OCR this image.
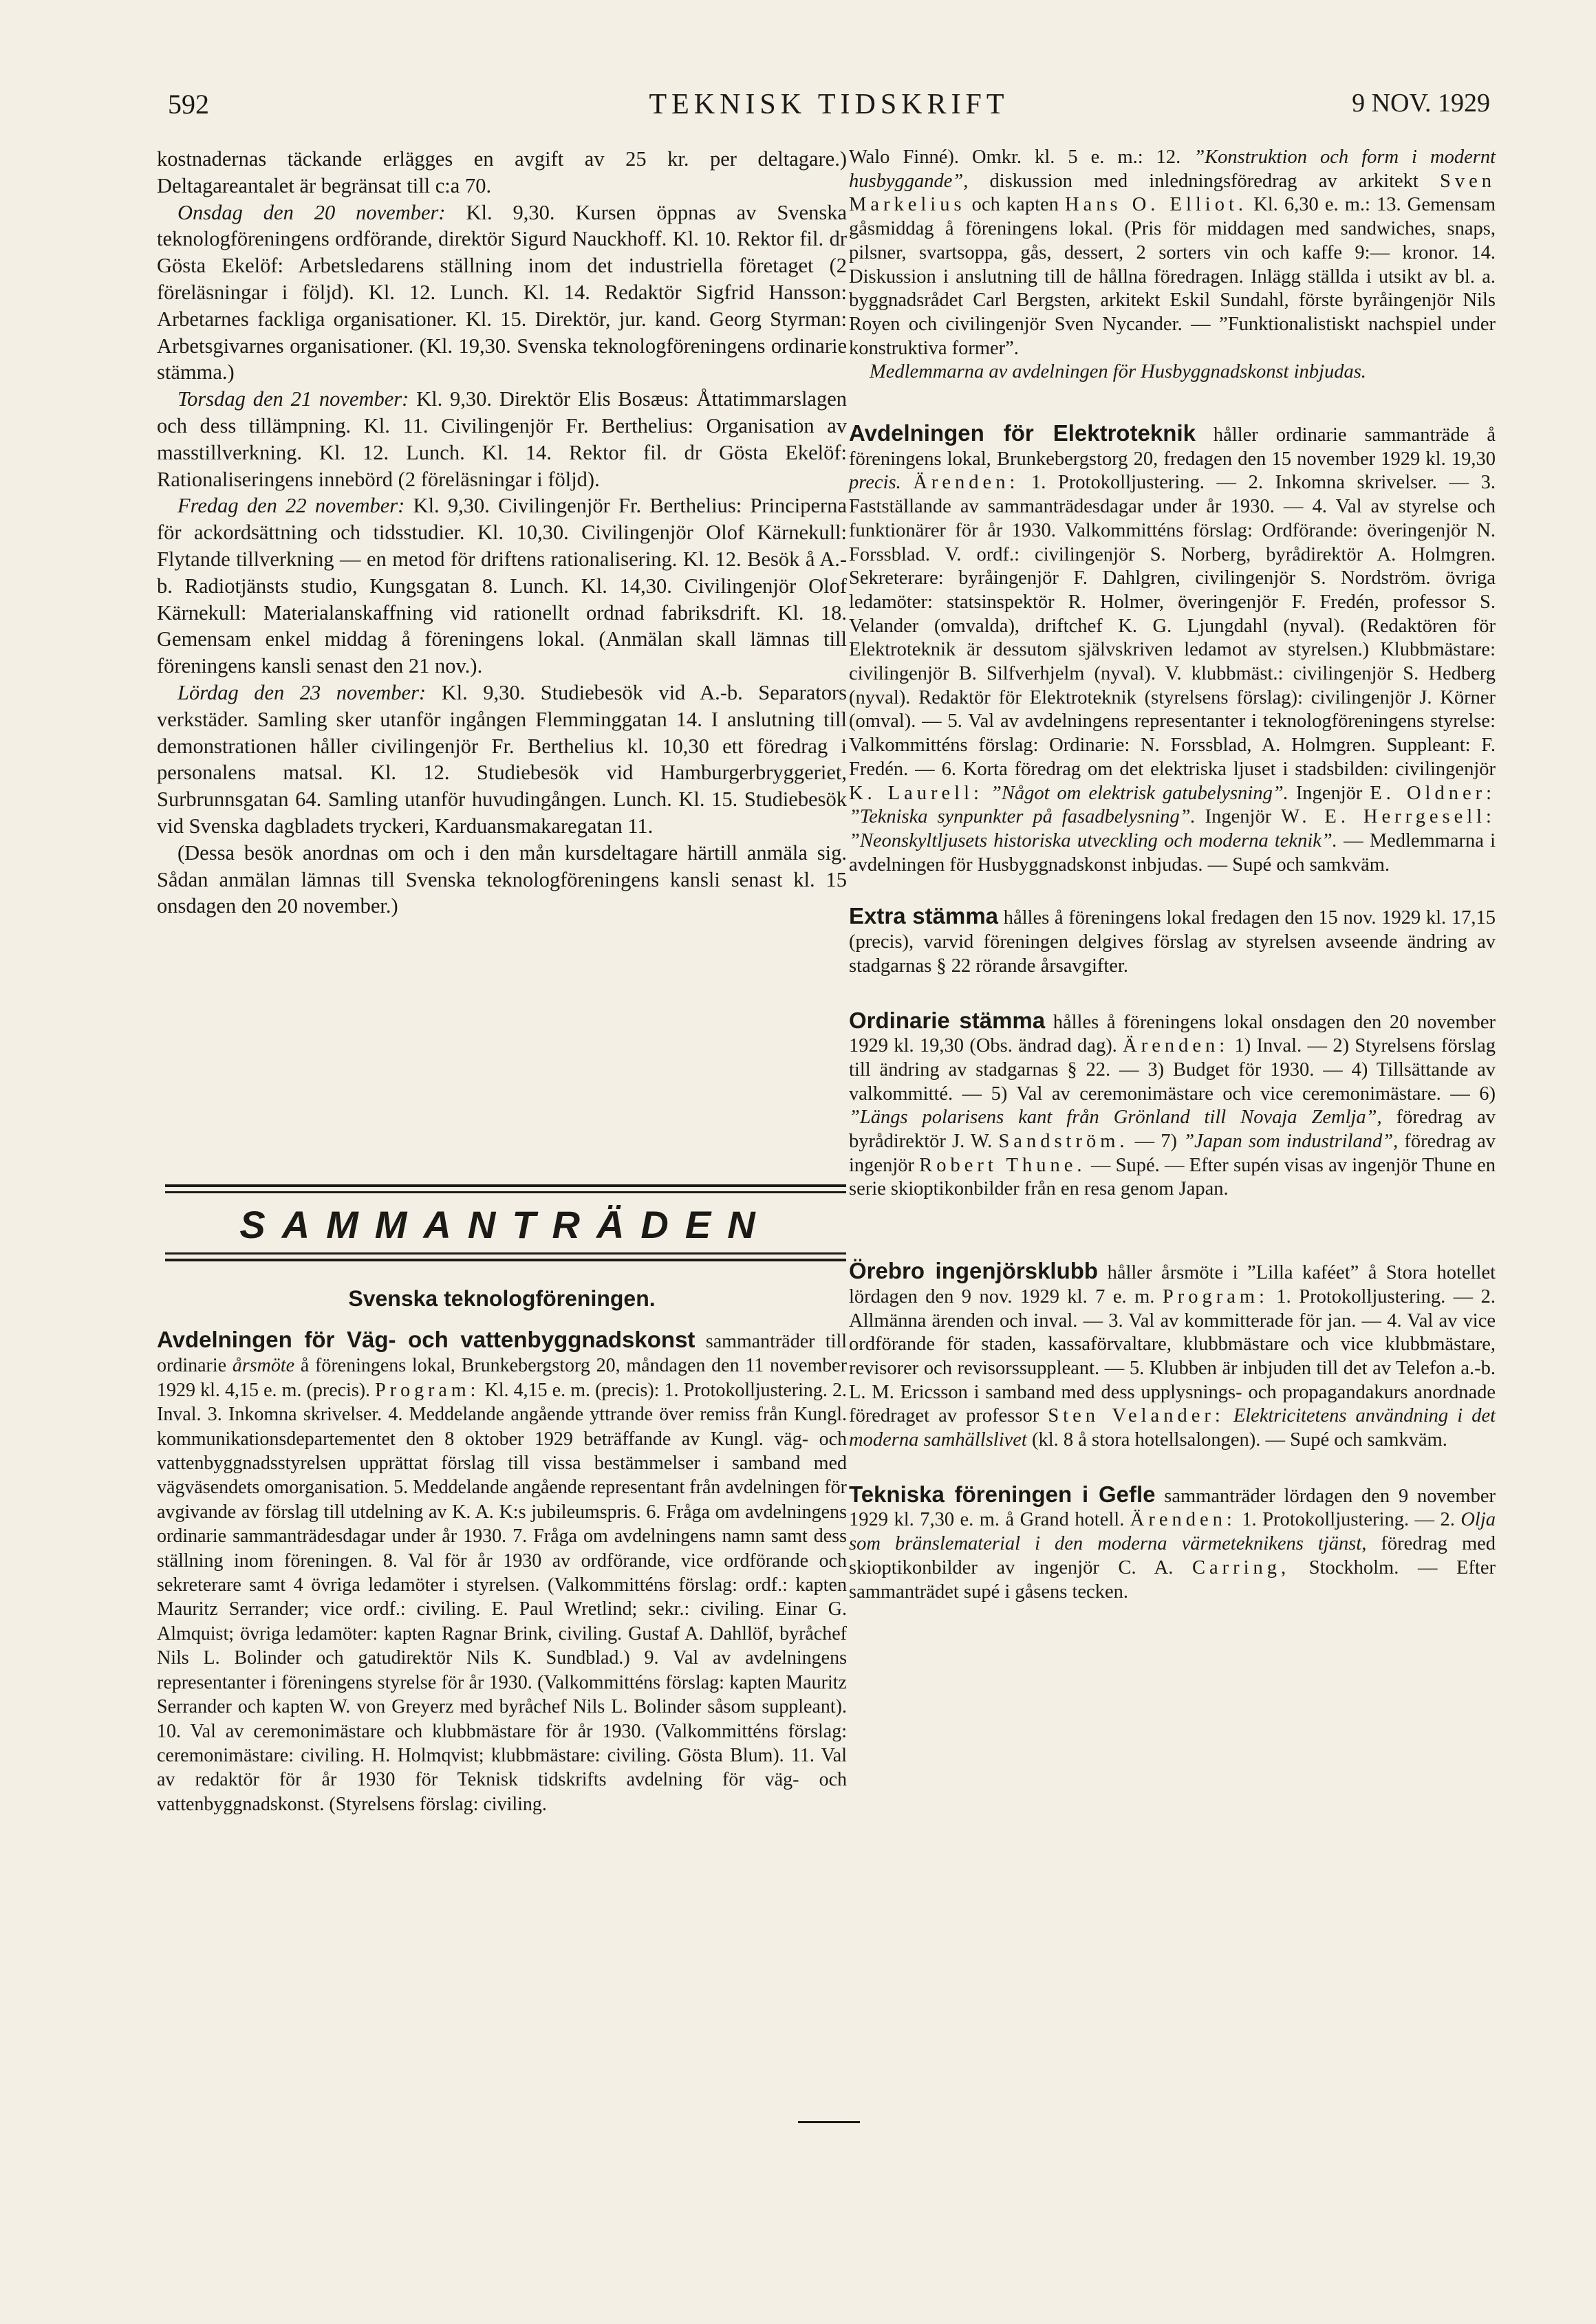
592	TEKNISK TIDSKRIFT	9 NOV. 1929

kostnadernas täckande erlägges en avgift av 25 kr. per deltagare.) Deltagareantalet är begränsat till c:a 70.

Onsdag den 20 november: Kl. 9,30. Kursen öppnas av Svenska teknologföreningens ordförande, direktör Sigurd Nauckhoff. Kl. 10. Rektor fil. dr Gösta Ekelöf: Arbetsledarens ställning inom det industriella företaget (2 föreläsningar i följd). Kl. 12. Lunch. Kl. 14. Redaktör Sigfrid Hansson: Arbetarnes fackliga organisationer. Kl. 15. Direktör, jur. kand. Georg Styrman: Arbetsgivarnes organisationer. (Kl. 19,30. Svenska teknologföreningens ordinarie stämma.)

Torsdag den 21 november: Kl. 9,30. Direktör Elis Bosæus: Åttatimmarslagen och dess tillämpning. Kl. 11. Civilingenjör Fr. Berthelius: Organisation av masstillverkning. Kl. 12. Lunch. Kl. 14. Rektor fil. dr Gösta Ekelöf: Rationaliseringens innebörd (2 föreläsningar i följd).

Fredag den 22 november: Kl. 9,30. Civilingenjör Fr. Berthelius: Principerna för ackordsättning och tidsstudier. Kl. 10,30. Civilingenjör Olof Kärnekull: Flytande tillverkning — en metod för driftens rationalisering. Kl. 12. Besök å A.-b. Radiotjänsts studio, Kungsgatan 8. Lunch. Kl. 14,30. Civilingenjör Olof Kärnekull: Materialanskaffning vid rationellt ordnad fabriksdrift. Kl. 18. Gemensam enkel middag å föreningens lokal. (Anmälan skall lämnas till föreningens kansli senast den 21 nov.).

Lördag den 23 november: Kl. 9,30. Studiebesök vid A.-b. Separators verkstäder. Samling sker utanför ingången Flemminggatan 14. I anslutning till demonstrationen håller civilingenjör Fr. Berthelius kl. 10,30 ett föredrag i personalens matsal. Kl. 12. Studiebesök vid Hamburgerbryggeriet, Surbrunnsgatan 64. Samling utanför huvudingången. Lunch. Kl. 15. Studiebesök vid Svenska dagbladets tryckeri, Karduansmakaregatan 11.

(Dessa besök anordnas om och i den mån kursdeltagare härtill anmäla sig. Sådan anmälan lämnas till Svenska teknologföreningens kansli senast kl. 15 onsdagen den 20 november.)

SAMMANTRÄDEN
Svenska teknologföreningen.

Avdelningen för Väg- och vattenbyggnadskonst sammanträder till ordinarie årsmöte å föreningens lokal, Brunkebergstorg 20, måndagen den 11 november 1929 kl. 4,15 e. m. (precis). Program: Kl. 4,15 e. m. (precis): 1. Protokolljustering. 2. Inval. 3. Inkomna skrivelser. 4. Meddelande angående yttrande över remiss från Kungl. kommunikationsdepartementet den 8 oktober 1929 beträffande av Kungl. väg- och vattenbyggnadsstyrelsen upprättat förslag till vissa bestämmelser i samband med vägväsendets omorganisation. 5. Meddelande angående representant från avdelningen för avgivande av förslag till utdelning av K. A. K:s jubileumspris. 6. Fråga om avdelningens ordinarie sammanträdesdagar under år 1930. 7. Fråga om avdelningens namn samt dess ställning inom föreningen. 8. Val för år 1930 av ordförande, vice ordförande och sekreterare samt 4 övriga ledamöter i styrelsen. (Valkommitténs förslag: ordf.: kapten Mauritz Serrander; vice ordf.: civiling. E. Paul Wretlind; sekr.: civiling. Einar G. Almquist; övriga ledamöter: kapten Ragnar Brink, civiling. Gustaf A. Dahllöf, byråchef Nils L. Bolinder och gatudirektör Nils K. Sundblad.) 9. Val av avdelningens representanter i föreningens styrelse för år 1930. (Valkommitténs förslag: kapten Mauritz Serrander och kapten W. von Greyerz med byråchef Nils L. Bolinder såsom suppleant). 10. Val av ceremonimästare och klubbmästare för år 1930. (Valkommitténs förslag: ceremonimästare: civiling. H. Holmqvist; klubbmästare: civiling. Gösta Blum). 11. Val av redaktör för år 1930 för Teknisk tidskrifts avdelning för väg- och vattenbyggnadskonst. (Styrelsens förslag: civiling.

Walo Finné). Omkr. kl. 5 e. m.: 12. ”Konstruktion och form i modernt husbyggande”, diskussion med inledningsföredrag av arkitekt Sven Markelius och kapten Hans O. Elliot. Kl. 6,30 e. m.: 13. Gemensam gåsmiddag å föreningens lokal. (Pris för middagen med sandwiches, snaps, pilsner, svartsoppa, gås, dessert, 2 sorters vin och kaffe 9:— kronor. 14. Diskussion i anslutning till de hållna föredragen. Inlägg ställda i utsikt av bl. a. byggnadsrådet Carl Bergsten, arkitekt Eskil Sundahl, förste byråingenjör Nils Royen och civilingenjör Sven Nycander. — ”Funktionalistiskt nachspiel under konstruktiva former”.

Medlemmarna av avdelningen för Husbyggnadskonst inbjudas.

Avdelningen för Elektroteknik håller ordinarie sammanträde å föreningens lokal, Brunkebergstorg 20, fredagen den 15 november 1929 kl. 19,30 precis. Ärenden: 1. Protokolljustering. — 2. Inkomna skrivelser. — 3. Fastställande av sammanträdesdagar under år 1930. — 4. Val av styrelse och funktionärer för år 1930. Valkommitténs förslag: Ordförande: överingenjör N. Forssblad. V. ordf.: civilingenjör S. Norberg, byrådirektör A. Holmgren. Sekreterare: byråingenjör F. Dahlgren, civilingenjör S. Nordström. övriga ledamöter: statsinspektör R. Holmer, överingenjör F. Fredén, professor S. Velander (omvalda), driftchef K. G. Ljungdahl (nyval). (Redaktören för Elektroteknik är dessutom självskriven ledamot av styrelsen.) Klubbmästare: civilingenjör B. Silfverhjelm (nyval). V. klubbmäst.: civilingenjör S. Hedberg (nyval). Redaktör för Elektroteknik (styrelsens förslag): civilingenjör J. Körner (omval). — 5. Val av avdelningens representanter i teknologföreningens styrelse: Valkommitténs förslag: Ordinarie: N. Forssblad, A. Holmgren. Suppleant: F. Fredén. — 6. Korta föredrag om det elektriska ljuset i stadsbilden: civilingenjör K. Laurell: ”Något om elektrisk gatubelysning”. Ingenjör E. Oldner: ”Tekniska synpunkter på fasadbelysning”. Ingenjör W. E. Herrgesell: ”Neonskyltljusets historiska utveckling och moderna teknik”. — Medlemmarna i avdelningen för Husbyggnadskonst inbjudas. — Supé och samkväm.

Extra stämma hålles å föreningens lokal fredagen den 15 nov. 1929 kl. 17,15 (precis), varvid föreningen delgives förslag av styrelsen avseende ändring av stadgarnas § 22 rörande årsavgifter.

Ordinarie stämma hålles å föreningens lokal onsdagen den 20 november 1929 kl. 19,30 (Obs. ändrad dag). Ärenden: 1) Inval. — 2) Styrelsens förslag till ändring av stadgarnas § 22. — 3) Budget för 1930. — 4) Tillsättande av valkommitté. — 5) Val av ceremonimästare och vice ceremonimästare. — 6) ”Längs polarisens kant från Grönland till Novaja Zemlja”, föredrag av byrådirektör J. W. Sandström. — 7) ”Japan som industriland”, föredrag av ingenjör Robert Thune. — Supé. — Efter supén visas av ingenjör Thune en serie skioptikonbilder från en resa genom Japan.

Örebro ingenjörsklubb håller årsmöte i ”Lilla kaféet” å Stora hotellet lördagen den 9 nov. 1929 kl. 7 e. m. Program: 1. Protokolljustering. — 2. Allmänna ärenden och inval. — 3. Val av kommitterade för jan. — 4. Val av vice ordförande för staden, kassaförvaltare, klubbmästare och vice klubbmästare, revisorer och revisorssuppleant. — 5. Klubben är inbjuden till det av Telefon a.-b. L. M. Ericsson i samband med dess upplysnings- och propagandakurs anordnade föredraget av professor Sten Velander: Elektricitetens användning i det moderna samhällslivet (kl. 8 å stora hotellsalongen). — Supé och samkväm.

Tekniska föreningen i Gefle sammanträder lördagen den 9 november 1929 kl. 7,30 e. m. å Grand hotell. Ärenden: 1. Protokolljustering. — 2. Olja som bränslematerial i den moderna värmeteknikens tjänst, föredrag med skioptikonbilder av ingenjör C. A. Carring, Stockholm. — Efter sammanträdet supé i gåsens tecken.
